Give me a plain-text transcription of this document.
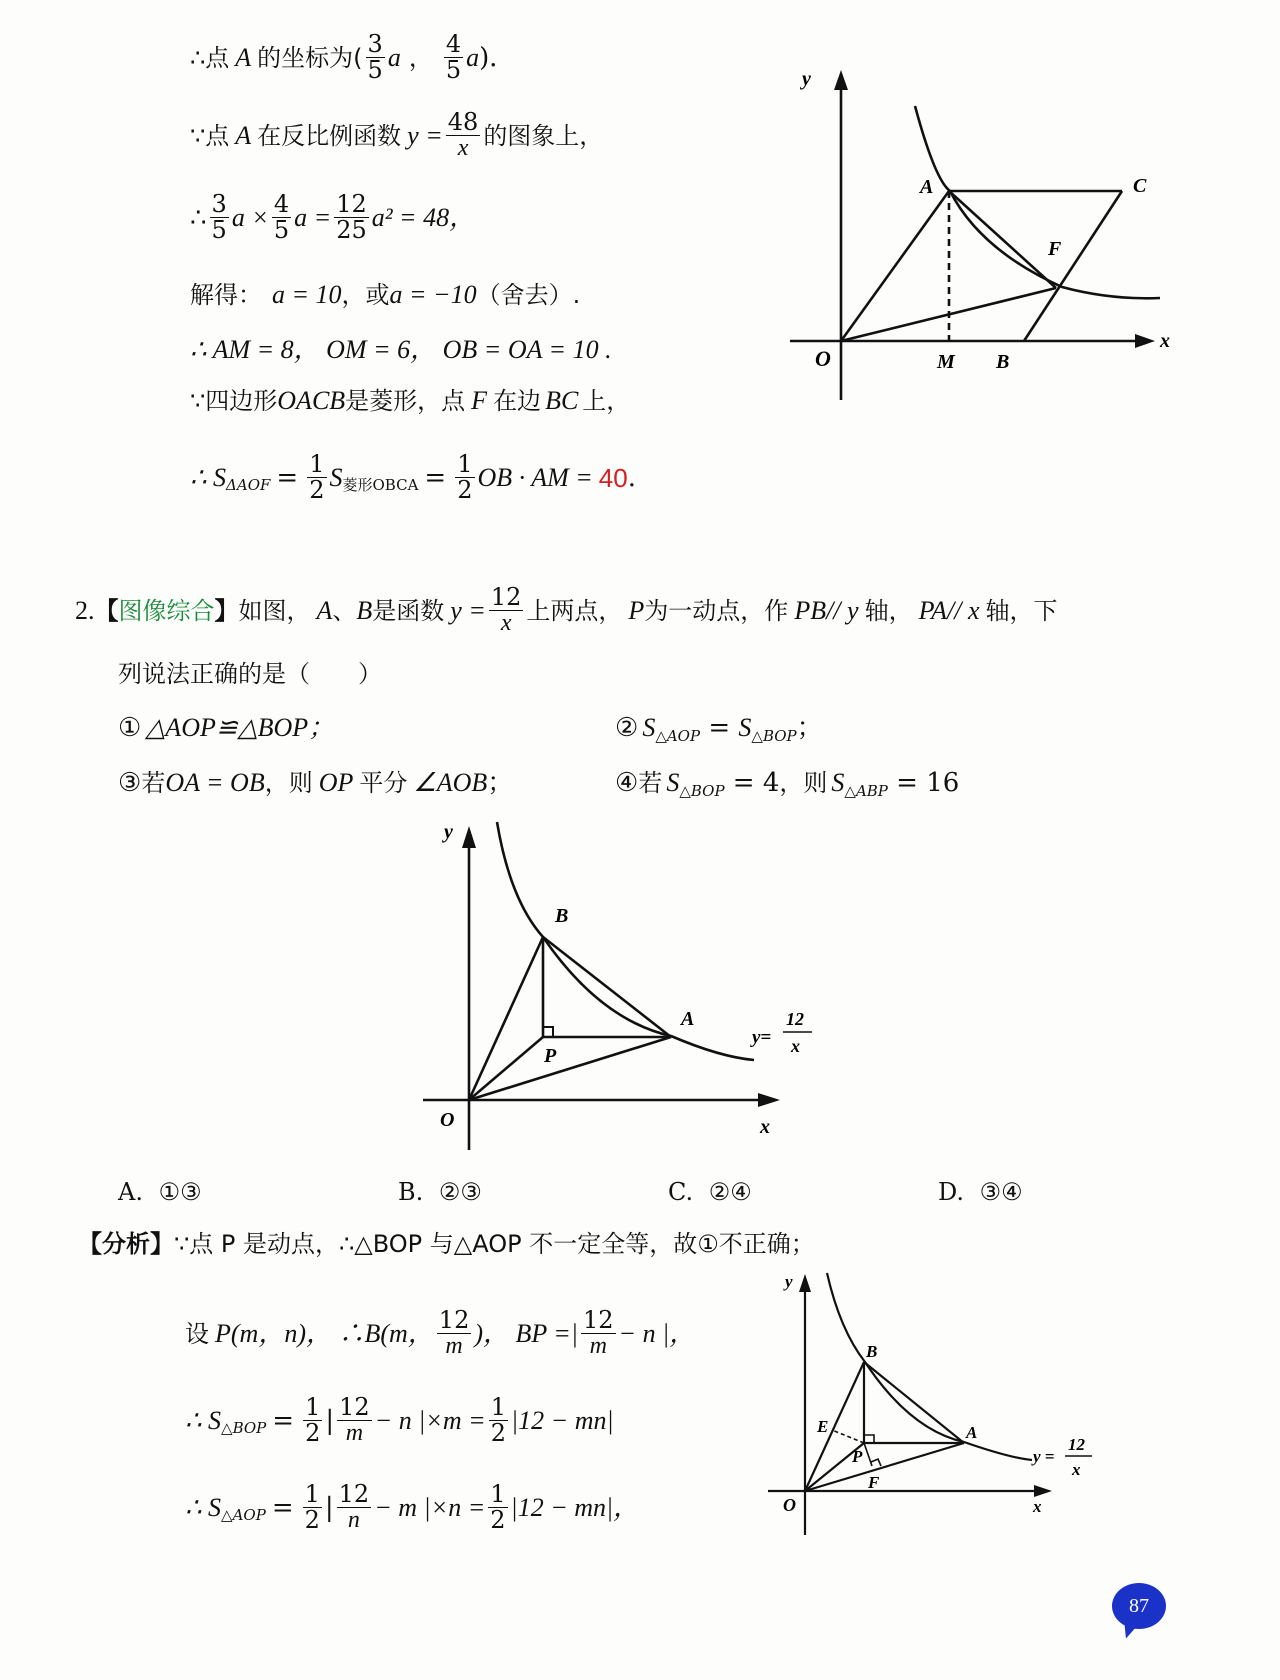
∴点 A 的坐标为( $\frac{3}{5}$ a ， $\frac{4}{5}$ a )．
∵点 A 在反比例函数 $y = \frac{48}{x}$ 的图象上，
∴ $\frac{3}{5}$ $a \times \frac{4}{5}$ $a = \frac{12}{25} a^2 = 48$，
解得： a = 10 ，或 a = −10 （舍去）.
∴ AM = 8， OM = 6， OB = OA = 10 .
∵四边形 OACB 是菱形，点 F 在边 BC 上，
∴ S $\Delta AOF = \frac{1}{2}$ S 菱形OBCA = $\frac{1}{2}$ OB · AM = 40 .
y
x
O
A	C
F
M B
2. 【 图像综合 】 如图， A 、 B 是函数 $y = \frac{12}{x}$ 上两点， P 为一动点，作 PB// y 轴， PA// x 轴，下
列说法正确的是（　　）
① △AOP≌△BOP；	② S △AOP = S △BOP ；
③ 若 OA = OB ，则 OP 平分 ∠AOB ；	④ 若 S △BOP = 4 ，则 S △ABP = 16
y
x
O
B
A
P
y=
12
x
A. ①③	B. ②③	C. ②④	D. ③④
【分析】 ∵点 P 是动点，∴△BOP 与△AOP 不一定全等，故①不正确；
设 P(m，n)， ∴B(m， $\frac{12}{m}$ )， BP =| $\frac{12}{m} - n$ |，
∴ S △BOP = $\frac{1}{2}$ | $\frac{12}{m} - n$ $|\times m = \frac{1}{2} |12 - mn|$
∴ S △AOP = $\frac{1}{2}$ | $\frac{12}{n} - m$ $|\times n = \frac{1}{2} |12 - mn|$，
y
x
O
B
A
P
E
F
y =
12
x
87
